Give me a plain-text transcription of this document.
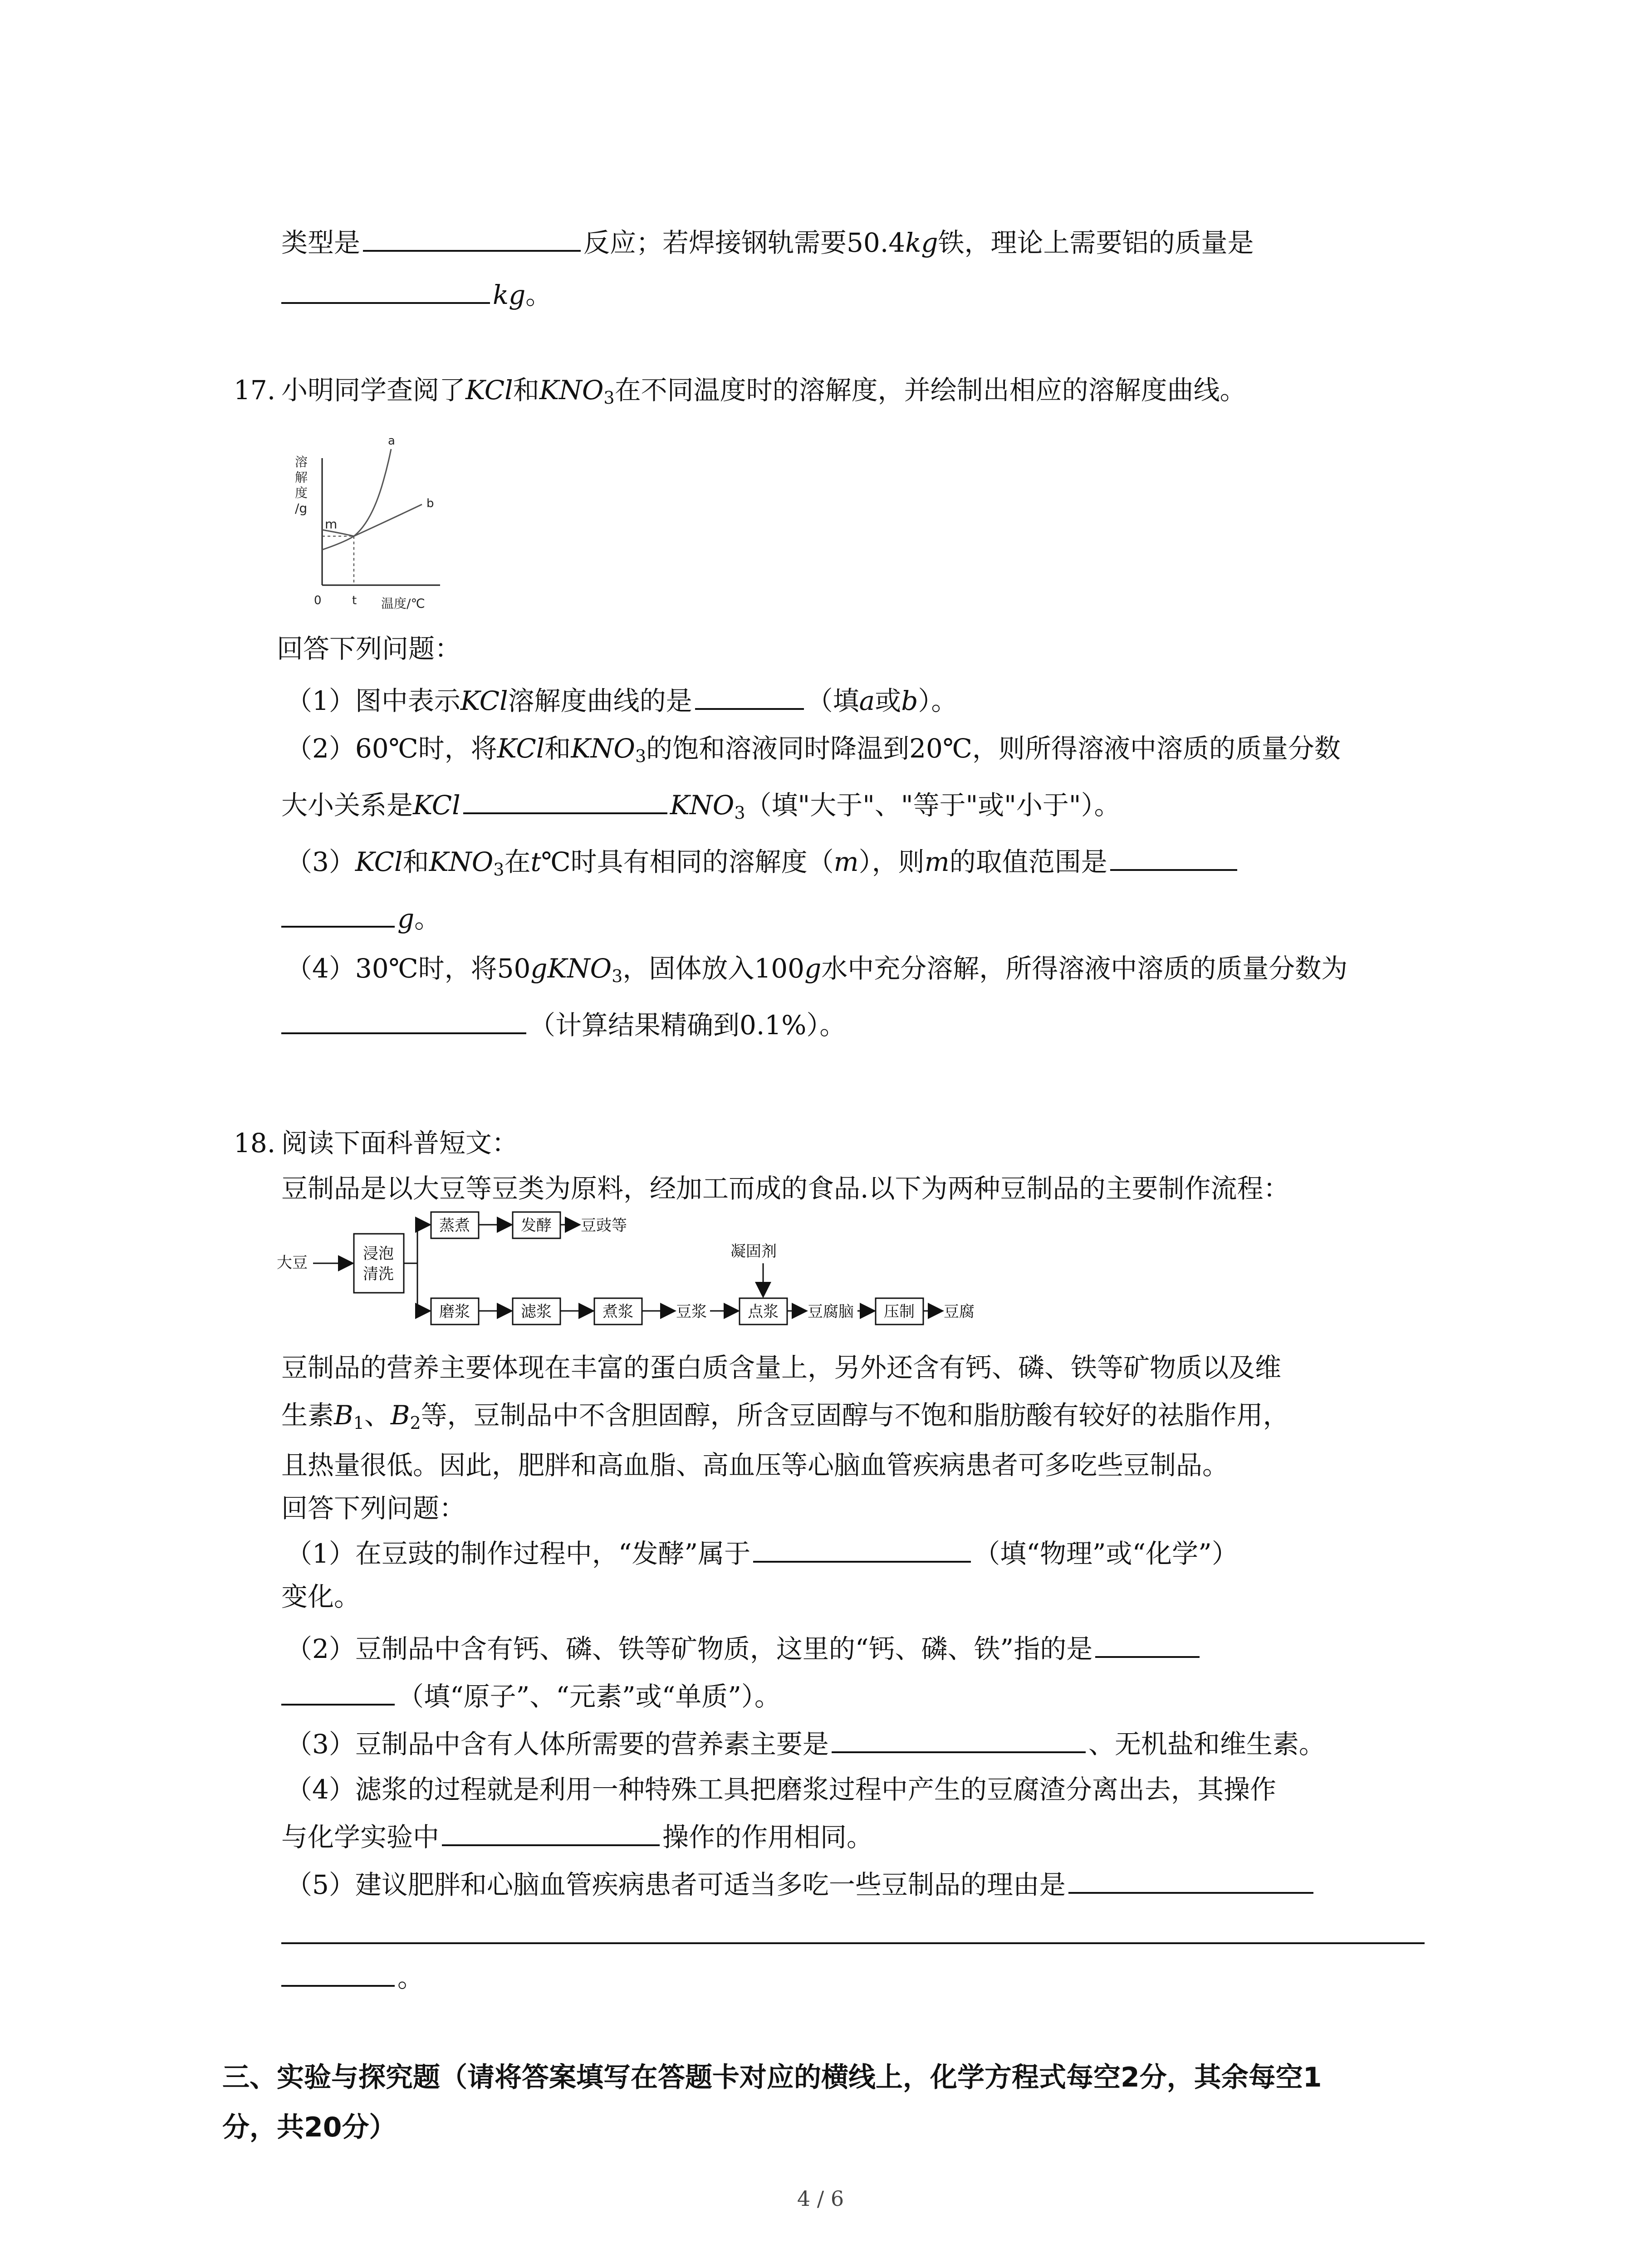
类型是	反应；若焊接钢轨需要50.4kg铁，理论上需要铝的质量是
kg。
17. 小明同学查阅了KCl和$KNO_3$在不同温度时的溶解度，并绘制出相应的溶解度曲线。
溶
解
度
/g
0	t 温度/℃
m
a
b
回答下列问题：
（1）图中表示KCl溶解度曲线的是	（填a或b）。
（2）60℃时，将KCl和$KNO_3$的饱和溶液同时降温到20℃，则所得溶液中溶质的质量分数
大小关系是KCl	$KNO_3$（填"大于"、"等于"或"小于"）。
（3）KCl和$KNO_3$在t℃时具有相同的溶解度（m），则m的取值范围是
g。
（4）30℃时，将50gKNO$_3$，固体放入100g水中充分溶解，所得溶液中溶质的质量分数为
（计算结果精确到0.1%）。
18. 阅读下面科普短文：
豆制品是以大豆等豆类为原料，经加工而成的食品.以下为两种豆制品的主要制作流程：
大豆	浸泡
清洗
蒸煮	发酵 豆豉等
磨浆	滤浆	煮浆	豆浆
凝固剂
点浆 豆腐脑 压制 豆腐
豆制品的营养主要体现在丰富的蛋白质含量上，另外还含有钙、磷、铁等矿物质以及维
生素$B_1$、$B_2$等，豆制品中不含胆固醇，所含豆固醇与不饱和脂肪酸有较好的祛脂作用，
且热量很低。因此，肥胖和高血脂、高血压等心脑血管疾病患者可多吃些豆制品。
回答下列问题：
（1）在豆豉的制作过程中，“发酵”属于	（填“物理”或“化学”）
变化。
（2）豆制品中含有钙、磷、铁等矿物质，这里的“钙、磷、铁”指的是
（填“原子”、“元素”或“单质”）。
（3）豆制品中含有人体所需要的营养素主要是	、无机盐和维生素。
（4）滤浆的过程就是利用一种特殊工具把磨浆过程中产生的豆腐渣分离出去，其操作
与化学实验中	操作的作用相同。
（5）建议肥胖和心脑血管疾病患者可适当多吃一些豆制品的理由是
。
三、实验与探究题（请将答案填写在答题卡对应的横线上，化学方程式每空2分，其余每空1
分，共20分）
4 / 6
